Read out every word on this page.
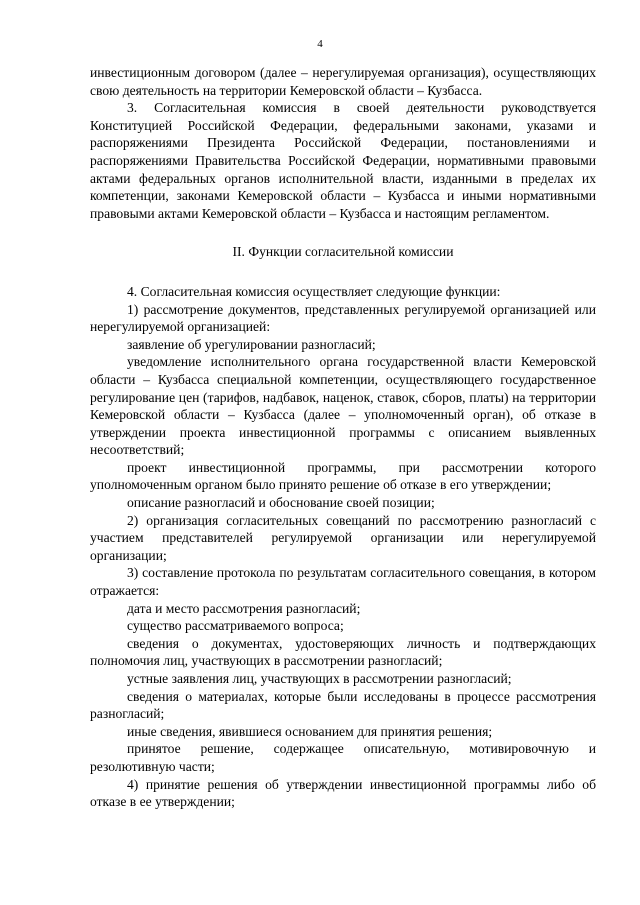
4

инвестиционным договором (далее – нерегулируемая организация), осуществляющих свою деятельность на территории Кемеровской области – Кузбасса.

3. Согласительная комиссия в своей деятельности руководствуется Конституцией Российской Федерации, федеральными законами, указами и распоряжениями Президента Российской Федерации, постановлениями и распоряжениями Правительства Российской Федерации, нормативными правовыми актами федеральных органов исполнительной власти, изданными в пределах их компетенции, законами Кемеровской области – Кузбасса и иными нормативными правовыми актами Кемеровской области – Кузбасса и настоящим регламентом.

II. Функции согласительной комиссии

4. Согласительная комиссия осуществляет следующие функции:

1) рассмотрение документов, представленных регулируемой организацией или нерегулируемой организацией:

заявление об урегулировании разногласий;

уведомление исполнительного органа государственной власти Кемеровской области – Кузбасса специальной компетенции, осуществляющего государственное регулирование цен (тарифов, надбавок, наценок, ставок, сборов, платы) на территории Кемеровской области – Кузбасса (далее – уполномоченный орган), об отказе в утверждении проекта инвестиционной программы с описанием выявленных несоответствий;

проект инвестиционной программы, при рассмотрении которого уполномоченным органом было принято решение об отказе в его утверждении;

описание разногласий и обоснование своей позиции;

2) организация согласительных совещаний по рассмотрению разногласий с участием представителей регулируемой организации или нерегулируемой организации;

3) составление протокола по результатам согласительного совещания, в котором отражается:

дата и место рассмотрения разногласий;

существо рассматриваемого вопроса;

сведения о документах, удостоверяющих личность и подтверждающих полномочия лиц, участвующих в рассмотрении разногласий;

устные заявления лиц, участвующих в рассмотрении разногласий;

сведения о материалах, которые были исследованы в процессе рассмотрения разногласий;

иные сведения, явившиеся основанием для принятия решения;

принятое решение, содержащее описательную, мотивировочную и резолютивную части;

4) принятие решения об утверждении инвестиционной программы либо об отказе в ее утверждении;
